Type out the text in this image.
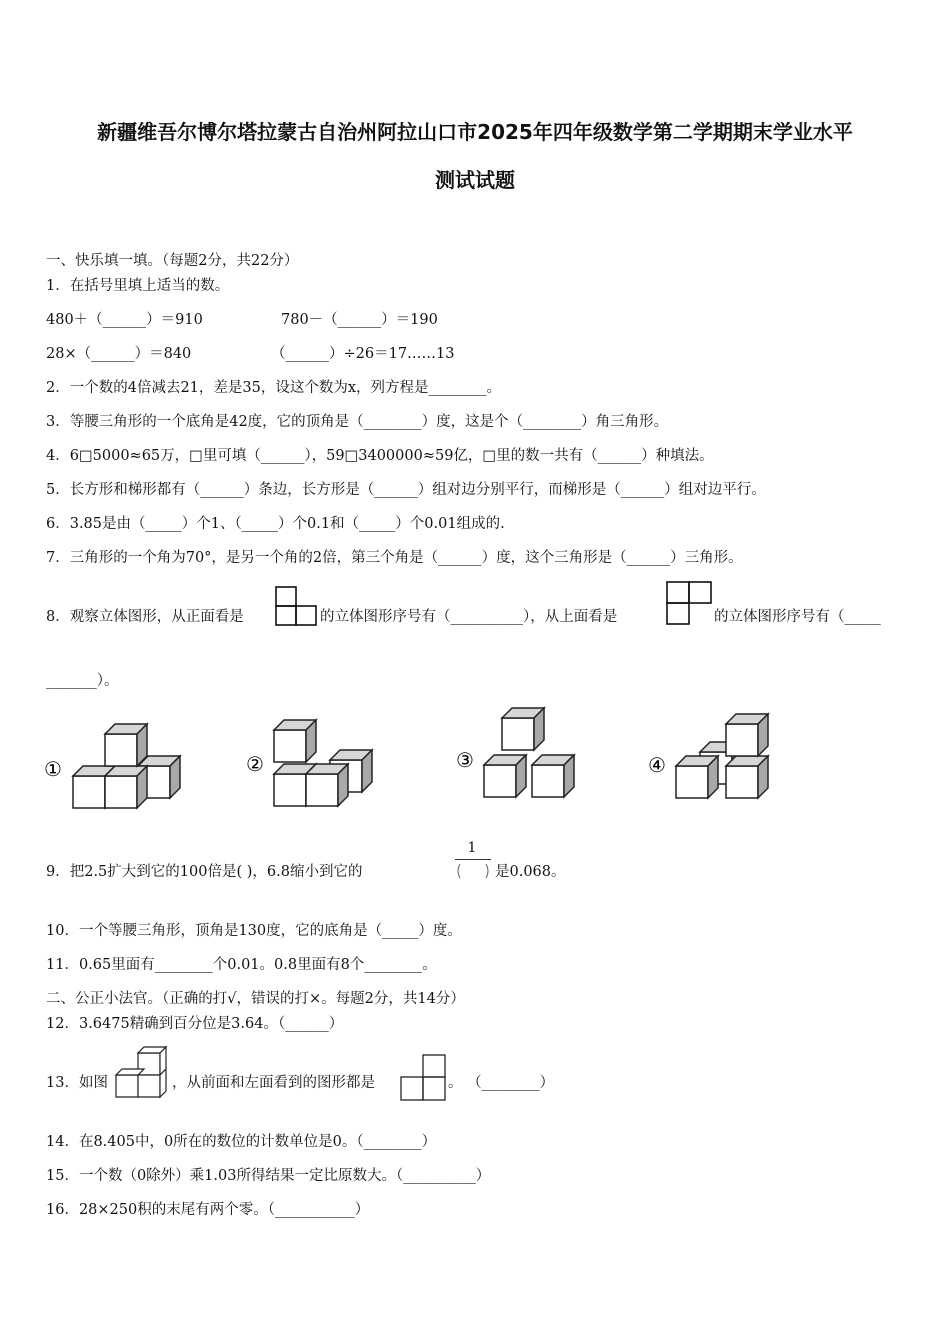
新疆维吾尔博尔塔拉蒙古自治州阿拉山口市2025年四年级数学第二学期期末学业水平
测试试题
一、快乐填一填。（每题2分，共22分）
1．在括号里填上适当的数。
480＋（______）＝910	780－（______）＝190
28×（______）＝840	（______）÷26＝17……13
2．一个数的4倍减去21，差是35，设这个数为x，列方程是________。
3．等腰三角形的一个底角是42度，它的顶角是（________）度，这是个（________）角三角形。
4．6□5000≈65万，□里可填（______），59□3400000≈59亿，□里的数一共有（______）种填法。
5．长方形和梯形都有（______）条边，长方形是（______）组对边分别平行，而梯形是（______）组对边平行。
6．3.85是由（_____）个1、（_____）个0.1和（_____）个0.01组成的.
7．三角形的一个角为70°，是另一个角的2倍，第三个角是（______）度，这个三角形是（______）三角形。
8．观察立体图形，从正面看是	的立体图形序号有（__________），从上面看是	的立体图形序号有（_____
_______）。
①	②	③	④
9．把2.5扩大到它的100倍是( )，6.8缩小到它的
1
是0.068。
10．一个等腰三角形，顶角是130度，它的底角是（_____）度。
11．0.65里面有________个0.01。0.8里面有8个________。
二、公正小法官。（正确的打√，错误的打×。每题2分，共14分）
12．3.6475精确到百分位是3.64。（______）
13．如图	，从前面和左面看到的图形都是	。 （________）
14．在8.405中，0所在的数位的计数单位是0。（________）
15．一个数（0除外）乘1.03所得结果一定比原数大。（__________）
16．28×250积的末尾有两个零。（___________）
